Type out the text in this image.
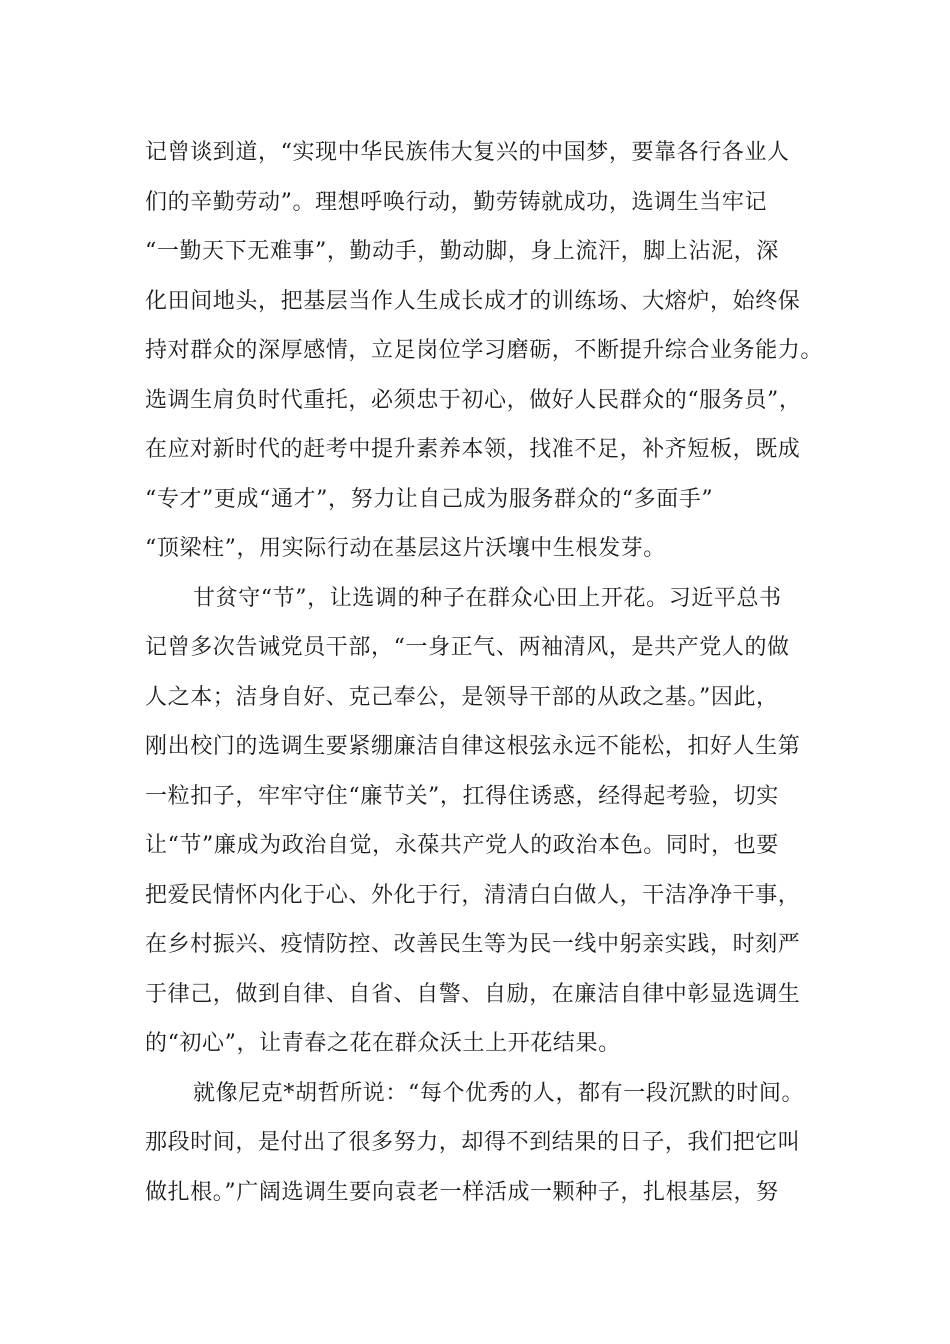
记曾谈到道，“实现中华民族伟大复兴的中国梦，要靠各行各业人
们的辛勤劳动”。理想呼唤行动，勤劳铸就成功，选调生当牢记
“一勤天下无难事”，勤动手，勤动脚，身上流汗，脚上沾泥，深
化田间地头，把基层当作人生成长成才的训练场、大熔炉，始终保
持对群众的深厚感情，立足岗位学习磨砺，不断提升综合业务能力。
选调生肩负时代重托，必须忠于初心，做好人民群众的“服务员”，
在应对新时代的赶考中提升素养本领，找准不足，补齐短板，既成
“专才”更成“通才”，努力让自己成为服务群众的“多面手”
“顶梁柱”，用实际行动在基层这片沃壤中生根发芽。
甘贫守“节”，让选调的种子在群众心田上开花。习近平总书
记曾多次告诫党员干部，“一身正气、两袖清风，是共产党人的做
人之本；洁身自好、克己奉公，是领导干部的从政之基。”因此，
刚出校门的选调生要紧绷廉洁自律这根弦永远不能松，扣好人生第
一粒扣子，牢牢守住“廉节关”，扛得住诱惑，经得起考验，切实
让“节”廉成为政治自觉，永葆共产党人的政治本色。同时，也要
把爱民情怀内化于心、外化于行，清清白白做人，干洁净净干事，
在乡村振兴、疫情防控、改善民生等为民一线中躬亲实践，时刻严
于律己，做到自律、自省、自警、自励，在廉洁自律中彰显选调生
的“初心”，让青春之花在群众沃土上开花结果。
就像尼克*胡哲所说：“每个优秀的人，都有一段沉默的时间。
那段时间，是付出了很多努力，却得不到结果的日子，我们把它叫
做扎根。”广阔选调生要向袁老一样活成一颗种子，扎根基层，努
